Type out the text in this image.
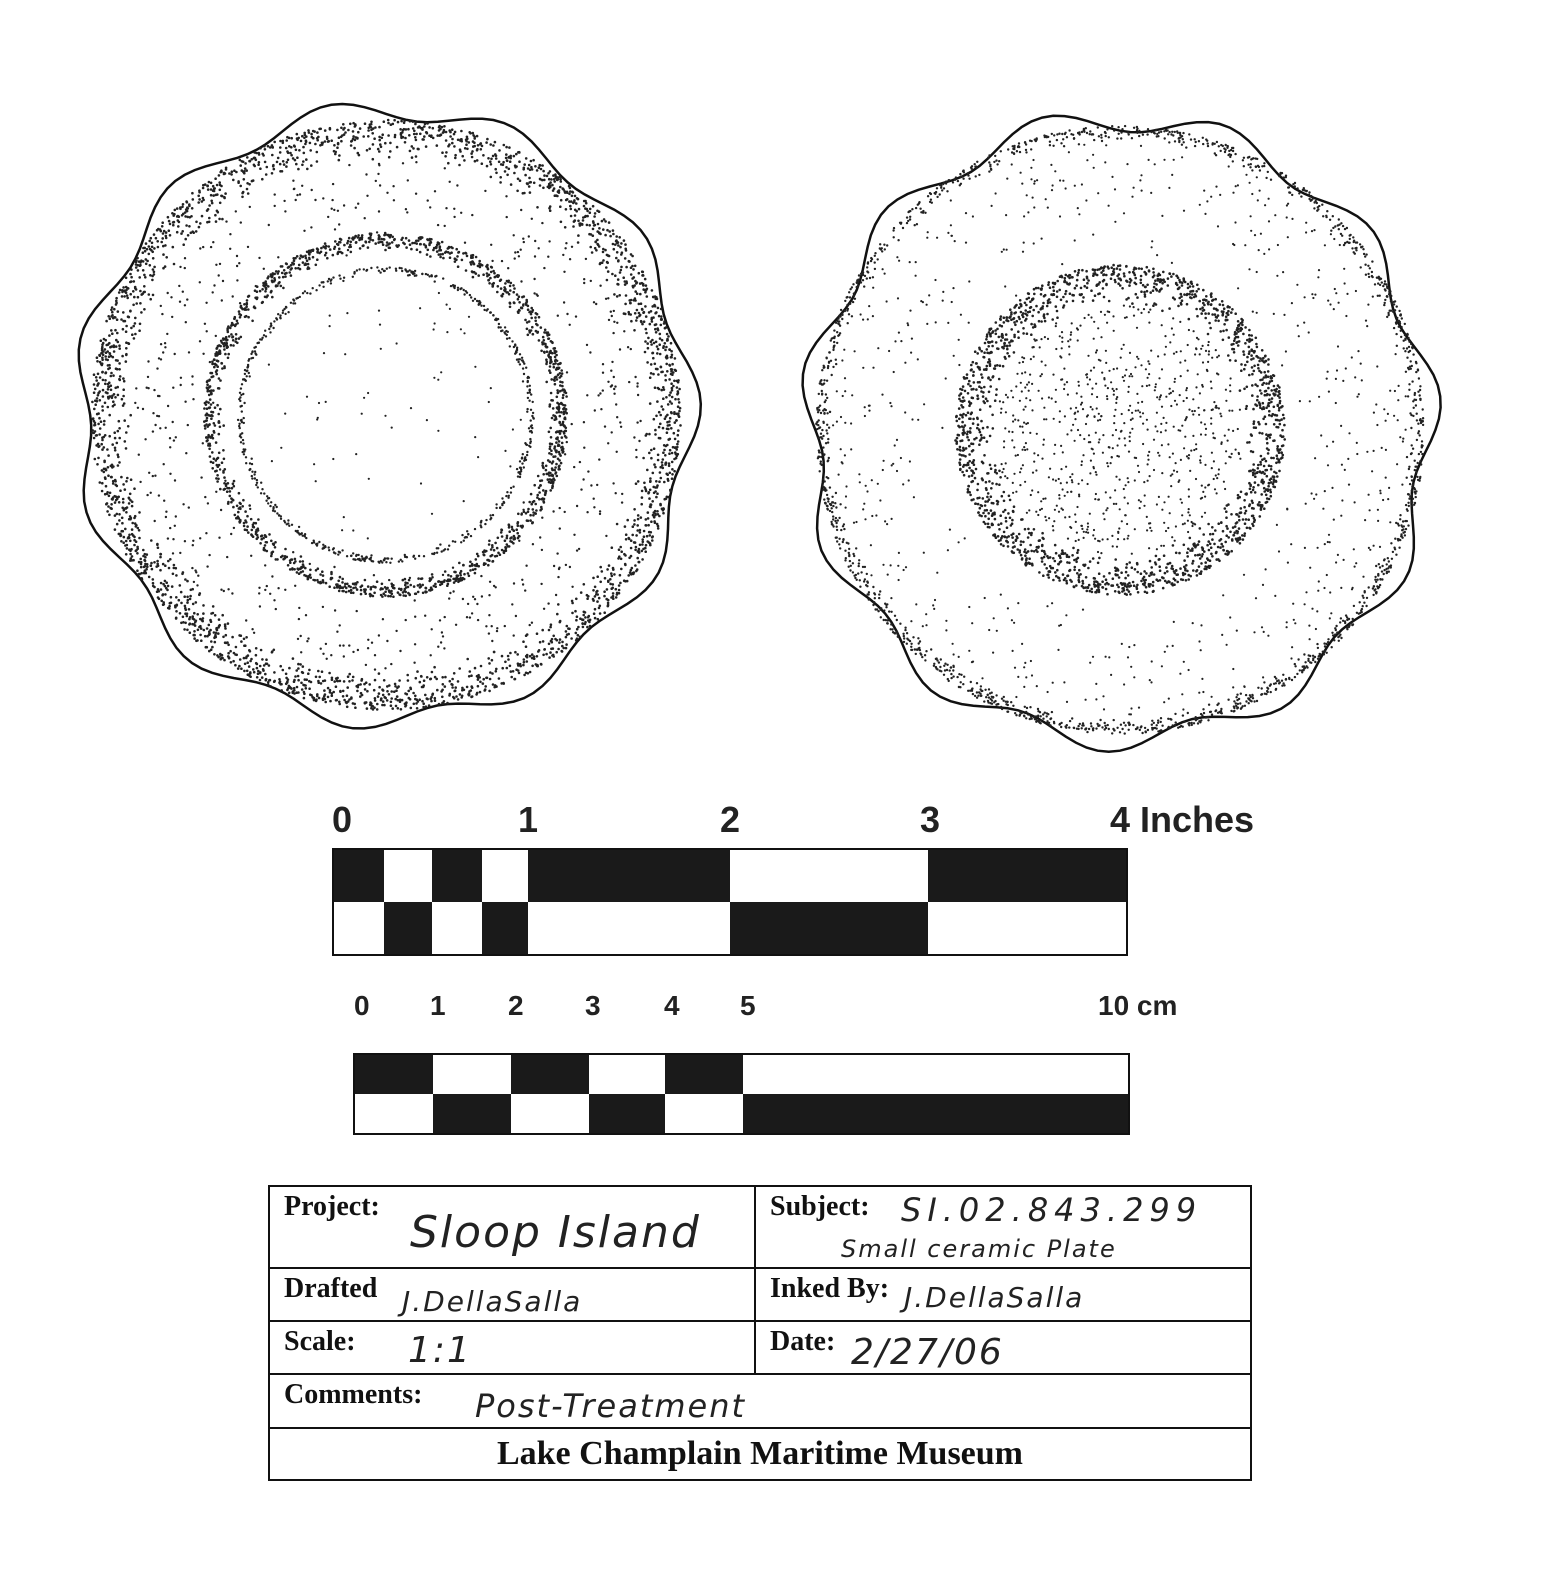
0	1	2	3	4 Inches
0 1 2 3 4 5	10 cm
Project:
Sloop Island
Subject: SI.02.843.299
Small ceramic Plate
Drafted J.DellaSalla	Inked By: J.DellaSalla
Scale: 1:1	Date: 2/27/06
Comments: Post-Treatment
Lake Champlain Maritime Museum
